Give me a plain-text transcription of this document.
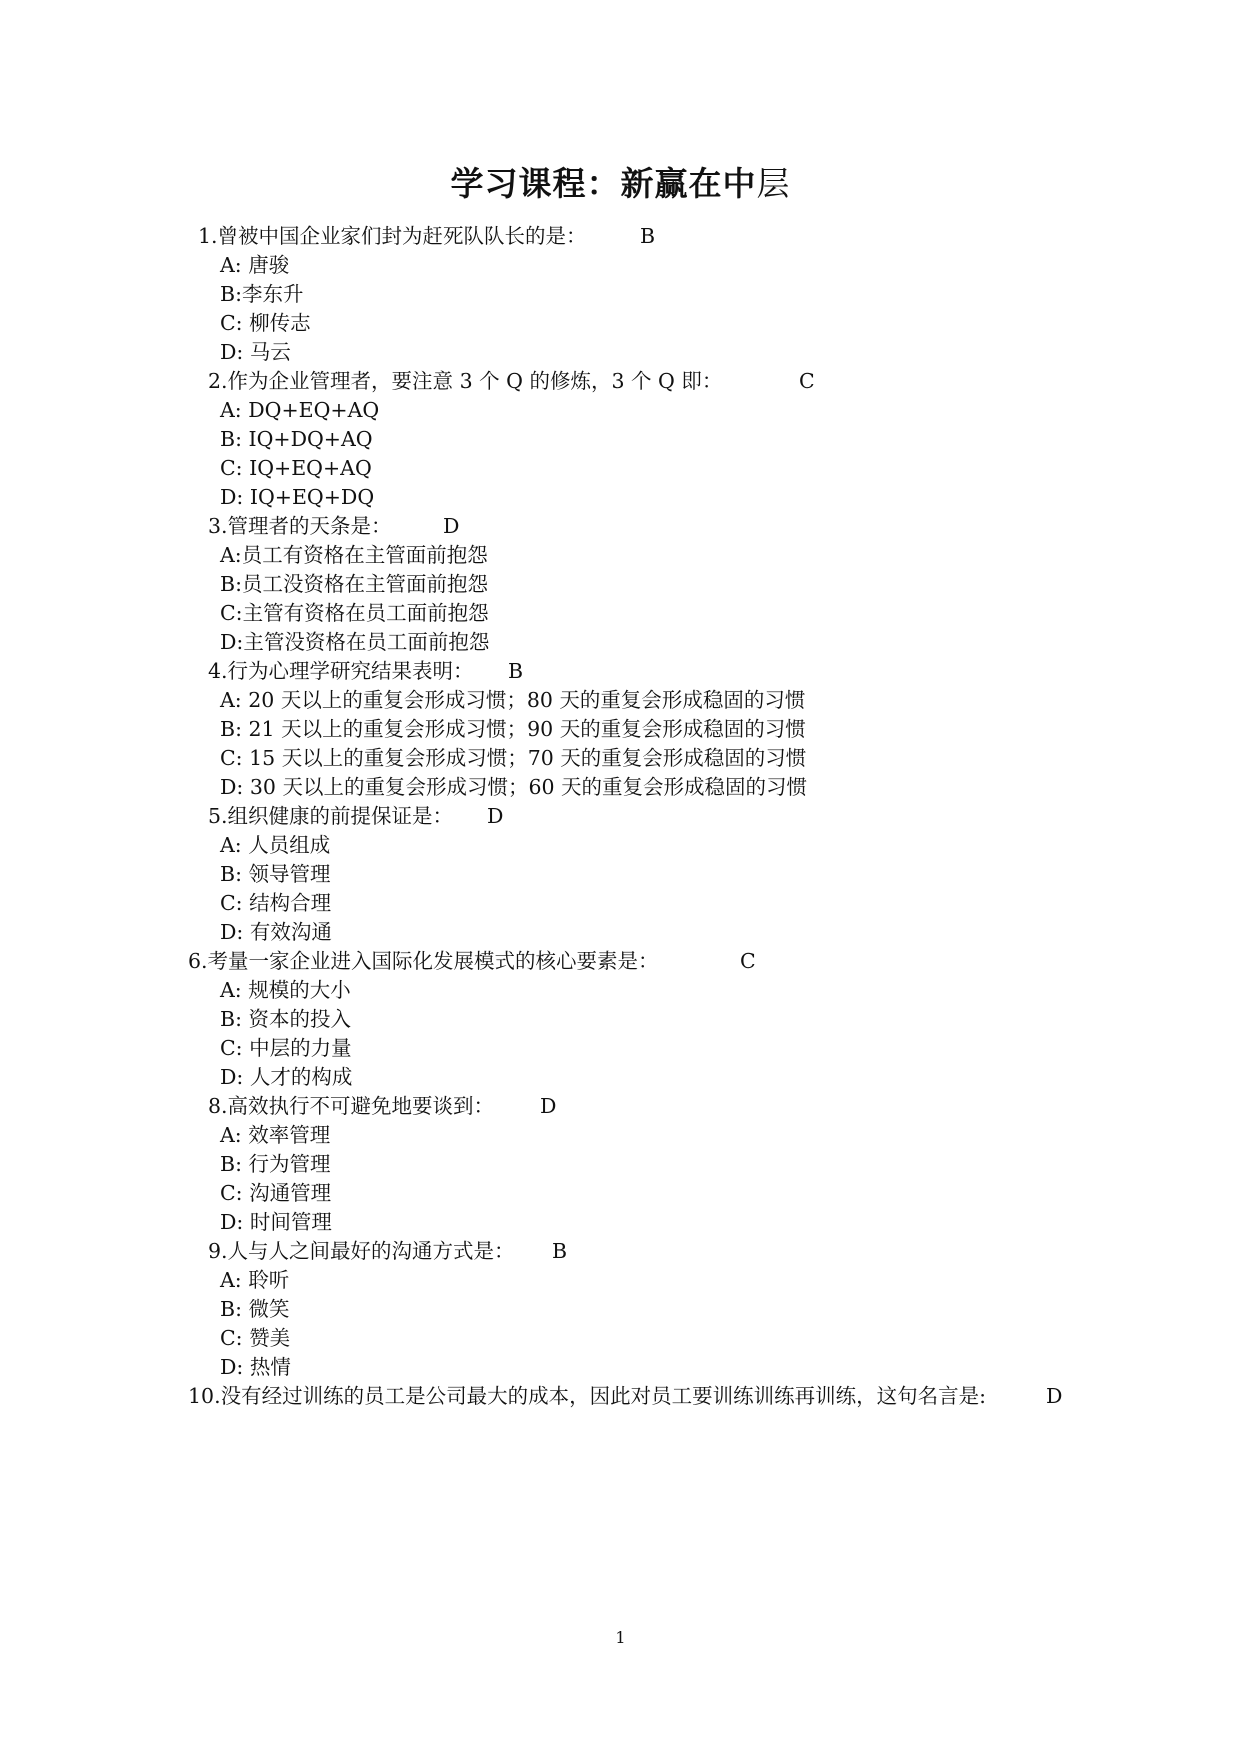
学习课程：新赢在中层
1.曾被中国企业家们封为赶死队队长的是：	B
A: 唐骏
B:李东升
C: 柳传志
D: 马云
2.作为企业管理者，要注意 3 个 Q 的修炼，3 个 Q 即：	C
A: DQ+EQ+AQ
B: IQ+DQ+AQ
C: IQ+EQ+AQ
D: IQ+EQ+DQ
3.管理者的天条是：	D
A:员工有资格在主管面前抱怨
B:员工没资格在主管面前抱怨
C:主管有资格在员工面前抱怨
D:主管没资格在员工面前抱怨
4.行为心理学研究结果表明： B
A: 20 天以上的重复会形成习惯；80 天的重复会形成稳固的习惯
B: 21 天以上的重复会形成习惯；90 天的重复会形成稳固的习惯
C: 15 天以上的重复会形成习惯；70 天的重复会形成稳固的习惯
D: 30 天以上的重复会形成习惯；60 天的重复会形成稳固的习惯
5.组织健康的前提保证是： D
A: 人员组成
B: 领导管理
C: 结构合理
D: 有效沟通
6.考量一家企业进入国际化发展模式的核心要素是：	C
A: 规模的大小
B: 资本的投入
C: 中层的力量
D: 人才的构成
8.高效执行不可避免地要谈到： D
A: 效率管理
B: 行为管理
C: 沟通管理
D: 时间管理
9.人与人之间最好的沟通方式是： B
A: 聆听
B: 微笑
C: 赞美
D: 热情
10.没有经过训练的员工是公司最大的成本，因此对员工要训练训练再训练，这句名言是:	D
1
